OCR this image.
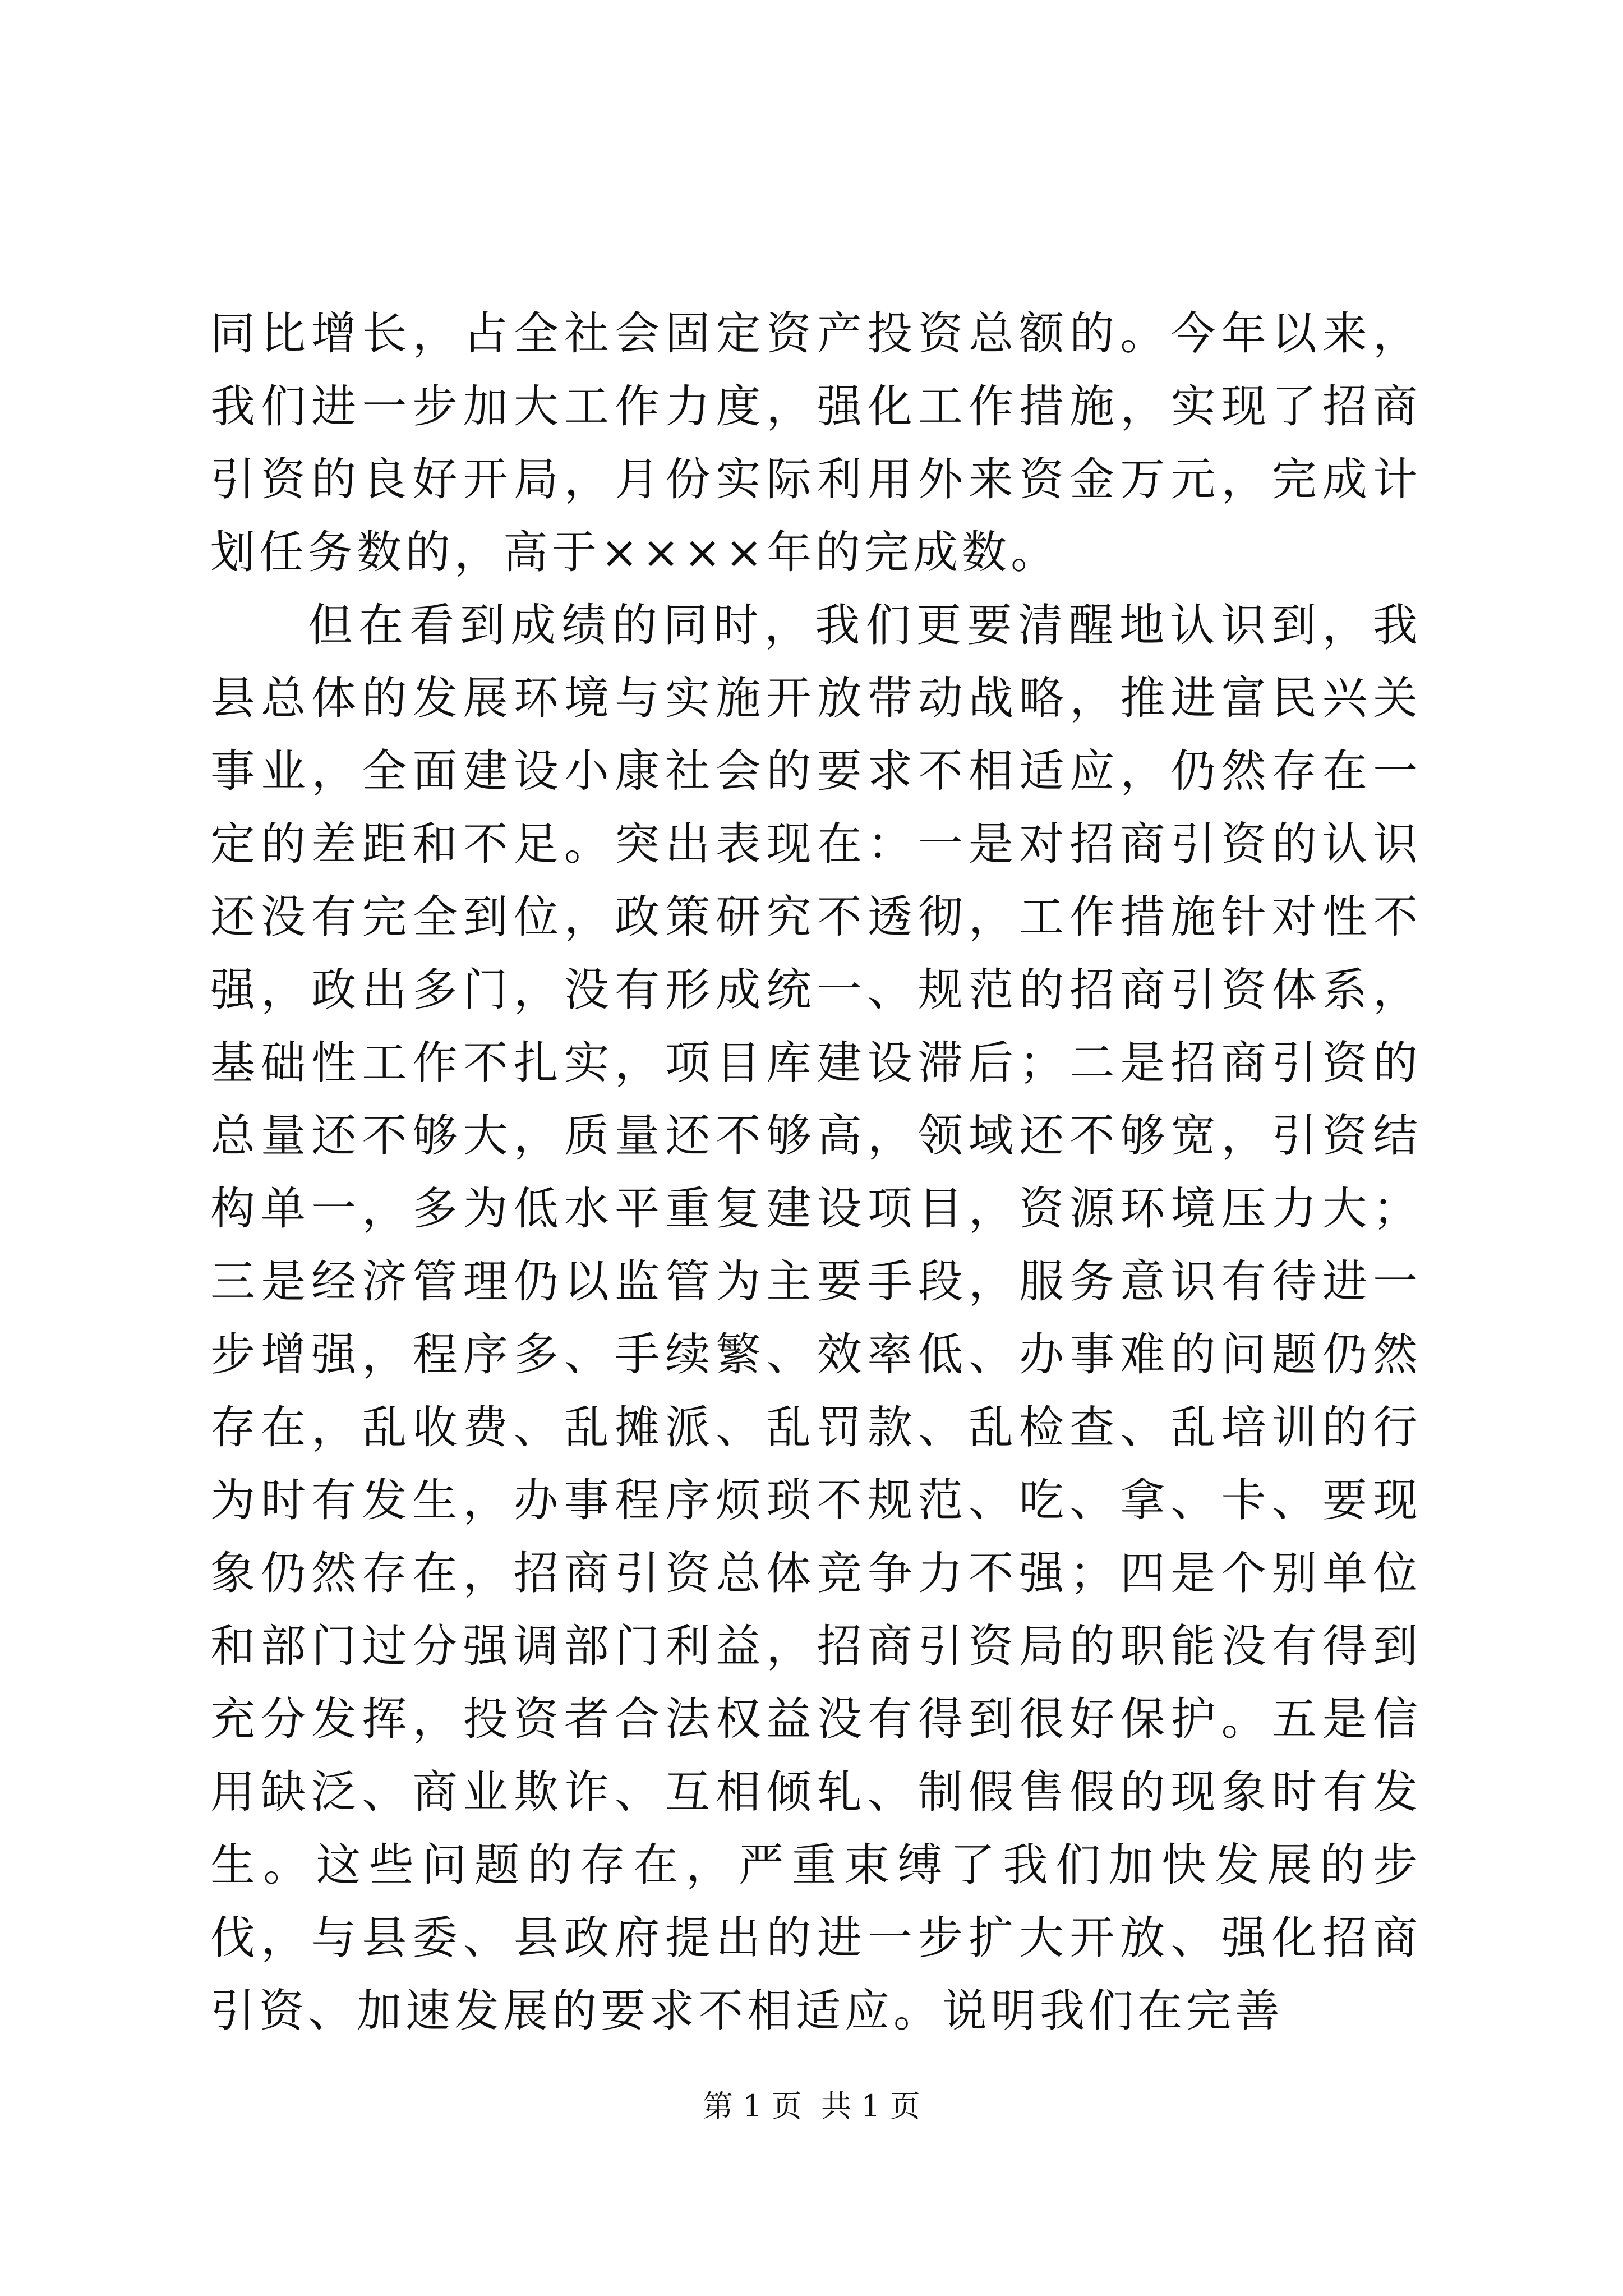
同比增长，占全社会固定资产投资总额的。今年以来，我们进一步加大工作力度，强化工作措施，实现了招商引资的良好开局，月份实际利用外来资金万元，完成计划任务数的，高于××××年的完成数。

但在看到成绩的同时，我们更要清醒地认识到，我县总体的发展环境与实施开放带动战略，推进富民兴关事业，全面建设小康社会的要求不相适应，仍然存在一定的差距和不足。突出表现在：一是对招商引资的认识还没有完全到位，政策研究不透彻，工作措施针对性不强，政出多门，没有形成统一、规范的招商引资体系，基础性工作不扎实，项目库建设滞后；二是招商引资的总量还不够大，质量还不够高，领域还不够宽，引资结构单一，多为低水平重复建设项目，资源环境压力大；三是经济管理仍以监管为主要手段，服务意识有待进一步增强，程序多、手续繁、效率低、办事难的问题仍然存在，乱收费、乱摊派、乱罚款、乱检查、乱培训的行为时有发生，办事程序烦琐不规范、吃、拿、卡、要现象仍然存在，招商引资总体竞争力不强；四是个别单位和部门过分强调部门利益，招商引资局的职能没有得到充分发挥，投资者合法权益没有得到很好保护。五是信用缺泛、商业欺诈、互相倾轧、制假售假的现象时有发生。这些问题的存在，严重束缚了我们加快发展的步伐，与县委、县政府提出的进一步扩大开放、强化招商引资、加速发展的要求不相适应。说明我们在完善

第 1 页  共 1 页
